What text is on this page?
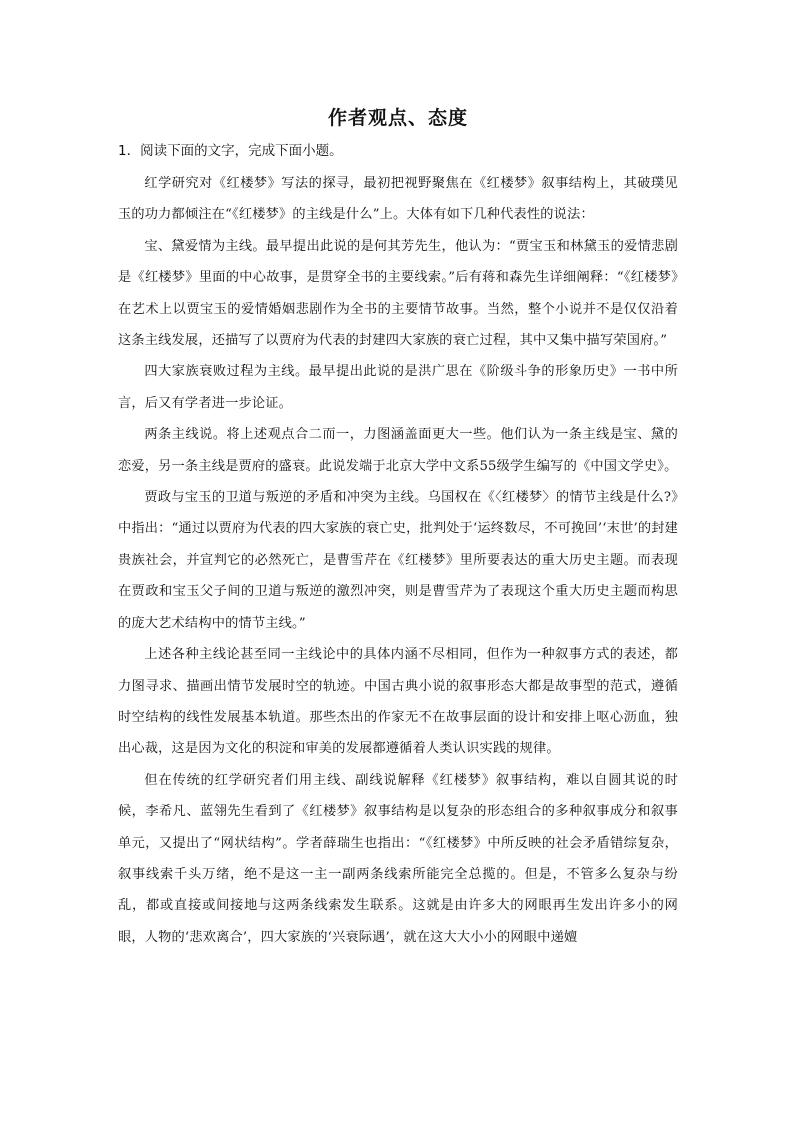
作者观点、态度
1．阅读下面的文字，完成下面小题。

红学研究对《红楼梦》写法的探寻，最初把视野聚焦在《红楼梦》叙事结构上，其破璞见玉的功力都倾注在“《红楼梦》的主线是什么”上。大体有如下几种代表性的说法：

宝、黛爱情为主线。最早提出此说的是何其芳先生，他认为：“贾宝玉和林黛玉的爱情悲剧是《红楼梦》里面的中心故事，是贯穿全书的主要线索。”后有蒋和森先生详细阐释：“《红楼梦》在艺术上以贾宝玉的爱情婚姻悲剧作为全书的主要情节故事。当然，整个小说并不是仅仅沿着这条主线发展，还描写了以贾府为代表的封建四大家族的衰亡过程，其中又集中描写荣国府。”

四大家族衰败过程为主线。最早提出此说的是洪广思在《阶级斗争的形象历史》一书中所言，后又有学者进一步论证。

两条主线说。将上述观点合二而一，力图涵盖面更大一些。他们认为一条主线是宝、黛的恋爱，另一条主线是贾府的盛衰。此说发端于北京大学中文系55级学生编写的《中国文学史》。

贾政与宝玉的卫道与叛逆的矛盾和冲突为主线。乌国权在《〈红楼梦〉的情节主线是什么?》中指出：“通过以贾府为代表的四大家族的衰亡史，批判处于‘运终数尽，不可挽回’‘末世’的封建贵族社会，并宣判它的必然死亡，是曹雪芹在《红楼梦》里所要表达的重大历史主题。而表现在贾政和宝玉父子间的卫道与叛逆的激烈冲突，则是曹雪芹为了表现这个重大历史主题而构思的庞大艺术结构中的情节主线。”

上述各种主线论甚至同一主线论中的具体内涵不尽相同，但作为一种叙事方式的表述，都力图寻求、描画出情节发展时空的轨迹。中国古典小说的叙事形态大都是故事型的范式，遵循时空结构的线性发展基本轨道。那些杰出的作家无不在故事层面的设计和安排上呕心沥血，独出心裁，这是因为文化的积淀和审美的发展都遵循着人类认识实践的规律。

但在传统的红学研究者们用主线、副线说解释《红楼梦》叙事结构，难以自圆其说的时候，李希凡、蓝翎先生看到了《红楼梦》叙事结构是以复杂的形态组合的多种叙事成分和叙事单元，又提出了“网状结构”。学者薛瑞生也指出：“《红楼梦》中所反映的社会矛盾错综复杂，叙事线索千头万绪，绝不是这一主一副两条线索所能完全总揽的。但是，不管多么复杂与纷乱，都或直接或间接地与这两条线索发生联系。这就是由许多大的网眼再生发出许多小的网眼，人物的‘悲欢离合’，四大家族的‘兴衰际遇’，就在这大大小小的网眼中递嬗
